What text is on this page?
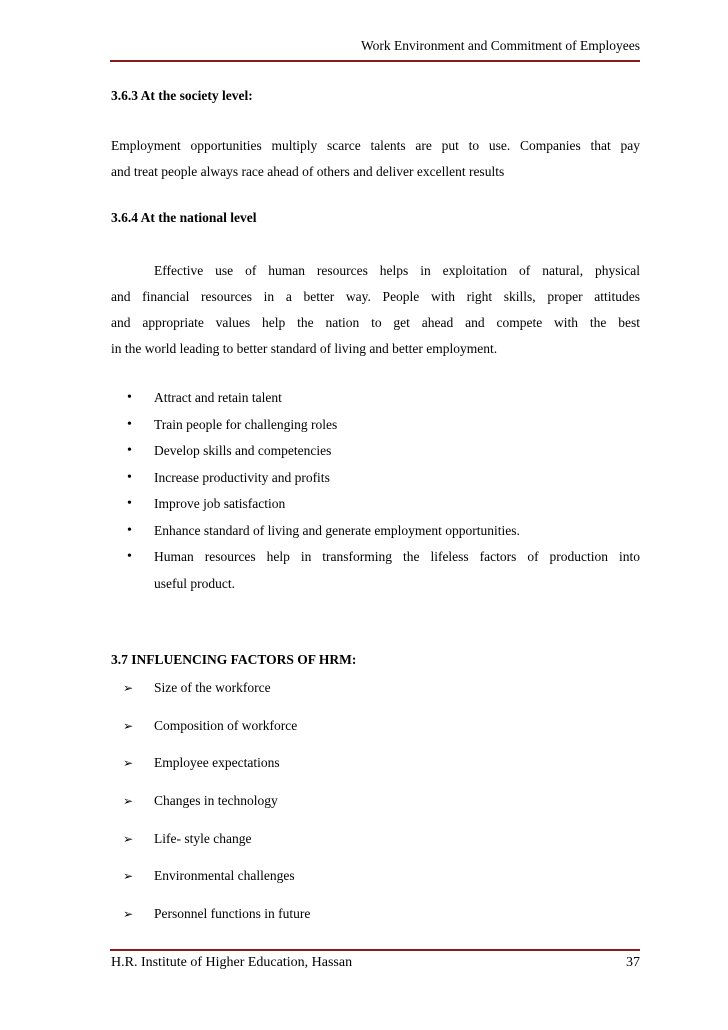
Work Environment and Commitment of Employees
3.6.3 At the society level:
Employment opportunities multiply scarce talents are put to use. Companies that pay
and treat people always race ahead of others and deliver excellent results
3.6.4 At the national level
Effective use of human resources helps in exploitation of natural, physical
and financial resources in a better way. People with right skills, proper attitudes
and appropriate values help the nation to get ahead and compete with the best
in the world leading to better standard of living and better employment.
• Attract and retain talent
• Train people for challenging roles
• Develop skills and competencies
• Increase productivity and profits
• Improve job satisfaction
• Enhance standard of living and generate employment opportunities.
• Human resources help in transforming the lifeless factors of production into
useful product.
3.7 INFLUENCING FACTORS OF HRM:
➢ Size of the workforce
➢ Composition of workforce
➢ Employee expectations
➢ Changes in technology
➢ Life- style change
➢ Environmental challenges
➢ Personnel functions in future
H.R. Institute of Higher Education, Hassan	37
